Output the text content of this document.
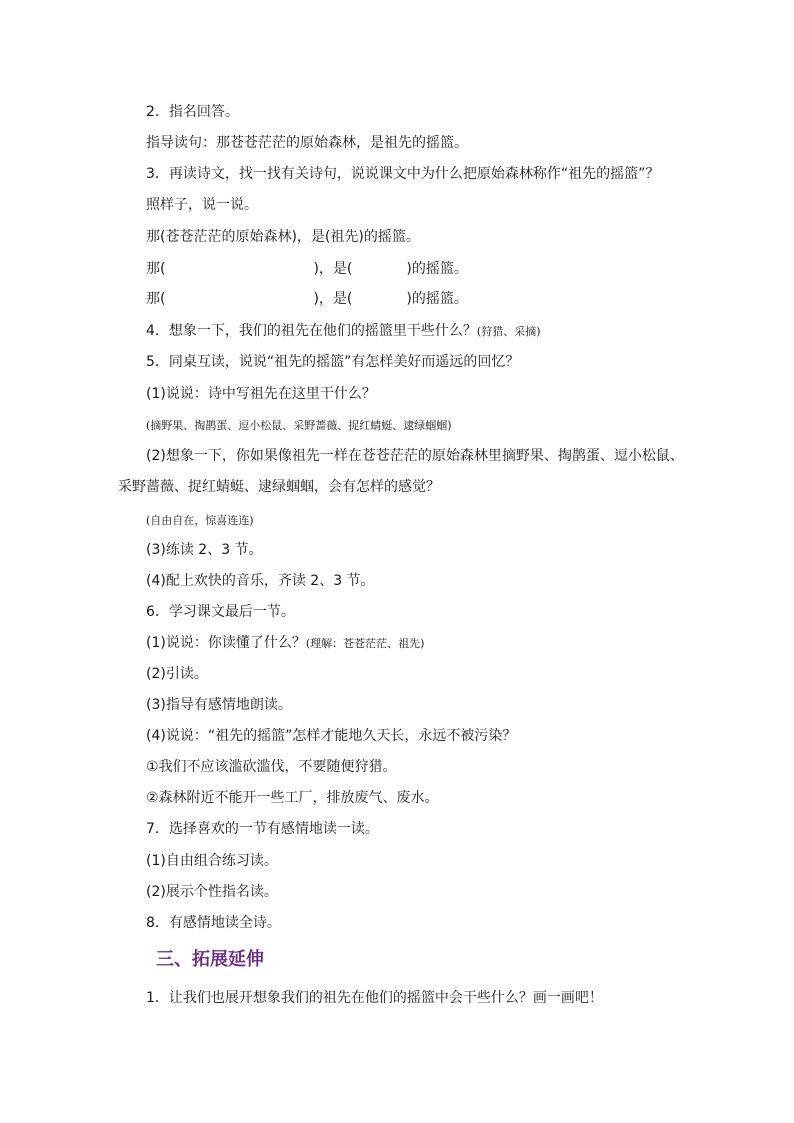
2．指名回答。
指导读句：那苍苍茫茫的原始森林，是祖先的摇篮。
3．再读诗文，找一找有关诗句，说说课文中为什么把原始森林称作“祖先的摇篮”？
照样子，说一说。
那(苍苍茫茫的原始森林)，是(祖先)的摇篮。
那(	)，是(	)的摇篮。
那(	)，是(	)的摇篮。
4．想象一下，我们的祖先在他们的摇篮里干些什么？(狩猎、采摘)
5．同桌互读，说说“祖先的摇篮”有怎样美好而遥远的回忆？
(1)说说：诗中写祖先在这里干什么？
(摘野果、掏鹊蛋、逗小松鼠、采野蔷薇、捉红蜻蜓、逮绿蝈蝈)
(2)想象一下，你如果像祖先一样在苍苍茫茫的原始森林里摘野果、掏鹊蛋、逗小松鼠、
采野蔷薇、捉红蜻蜓、逮绿蝈蝈，会有怎样的感觉？
(自由自在，惊喜连连)
(3)练读 2、3 节。
(4)配上欢快的音乐，齐读 2、3 节。
6．学习课文最后一节。
(1)说说：你读懂了什么？(理解：苍苍茫茫、祖先)
(2)引读。
(3)指导有感情地朗读。
(4)说说：“祖先的摇篮”怎样才能地久天长，永远不被污染？
①我们不应该滥砍滥伐，不要随便狩猎。
②森林附近不能开一些工厂，排放废气、废水。
7．选择喜欢的一节有感情地读一读。
(1)自由组合练习读。
(2)展示个性指名读。
8．有感情地读全诗。
三、拓展延伸
1．让我们也展开想象我们的祖先在他们的摇篮中会干些什么？画一画吧！
